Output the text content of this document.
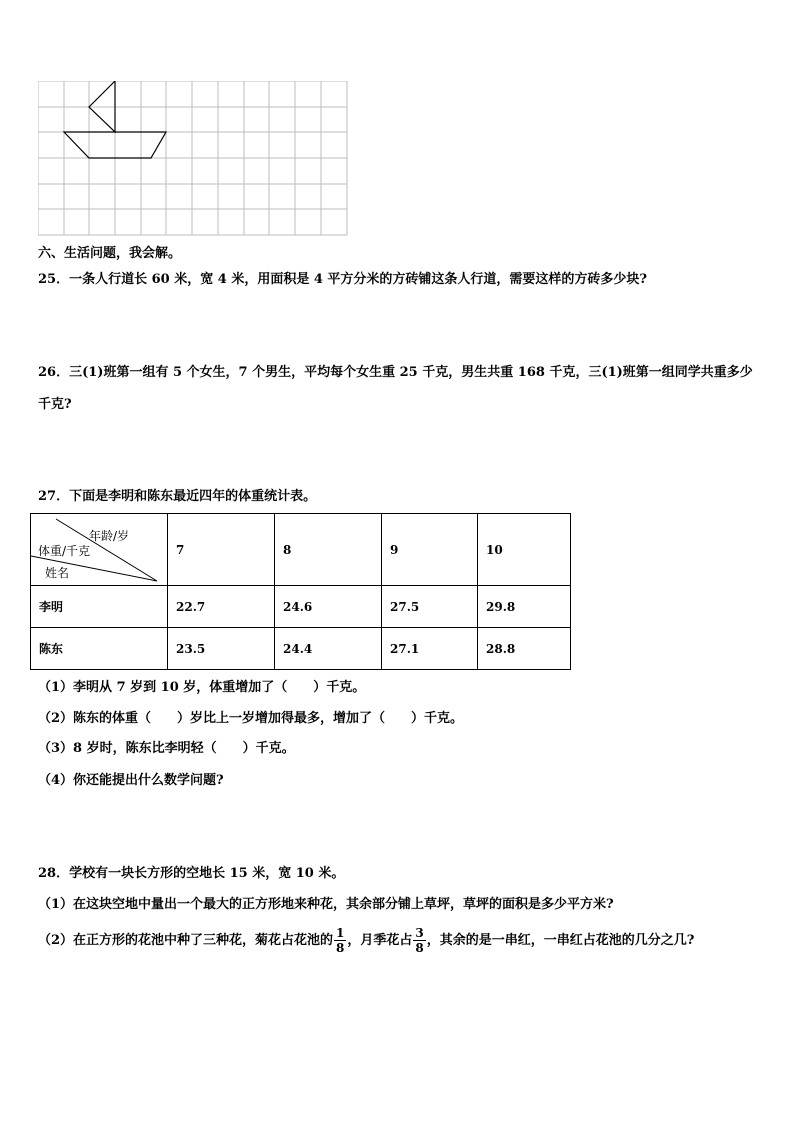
六、生活问题，我会解。
25．一条人行道长 60 米，宽 4 米，用面积是 4 平方分米的方砖铺这条人行道，需要这样的方砖多少块?
26．三(1)班第一组有 5 个女生，7 个男生，平均每个女生重 25 千克，男生共重 168 千克，三(1)班第一组同学共重多少
千克?
27．下面是李明和陈东最近四年的体重统计表。
年龄/岁
体重/千克
姓名	7	8	9	10
李明	22.7	24.6	27.5	29.8
陈东	23.5	24.4	27.1	28.8
（1）李明从 7 岁到 10 岁，体重增加了（　　）千克。
（2）陈东的体重（　　）岁比上一岁增加得最多，增加了（　　）千克。
（3）8 岁时，陈东比李明轻（　　）千克。
（4）你还能提出什么数学问题?
28．学校有一块长方形的空地长 15 米，宽 10 米。
（1）在这块空地中量出一个最大的正方形地来种花，其余部分铺上草坪，草坪的面积是多少平方米?
（2）在正方形的花池中种了三种花，菊花占花池的 $\frac{1}{8}$ ，月季花占 $\frac{3}{8}$ ，其余的是一串红，一串红占花池的几分之几?
